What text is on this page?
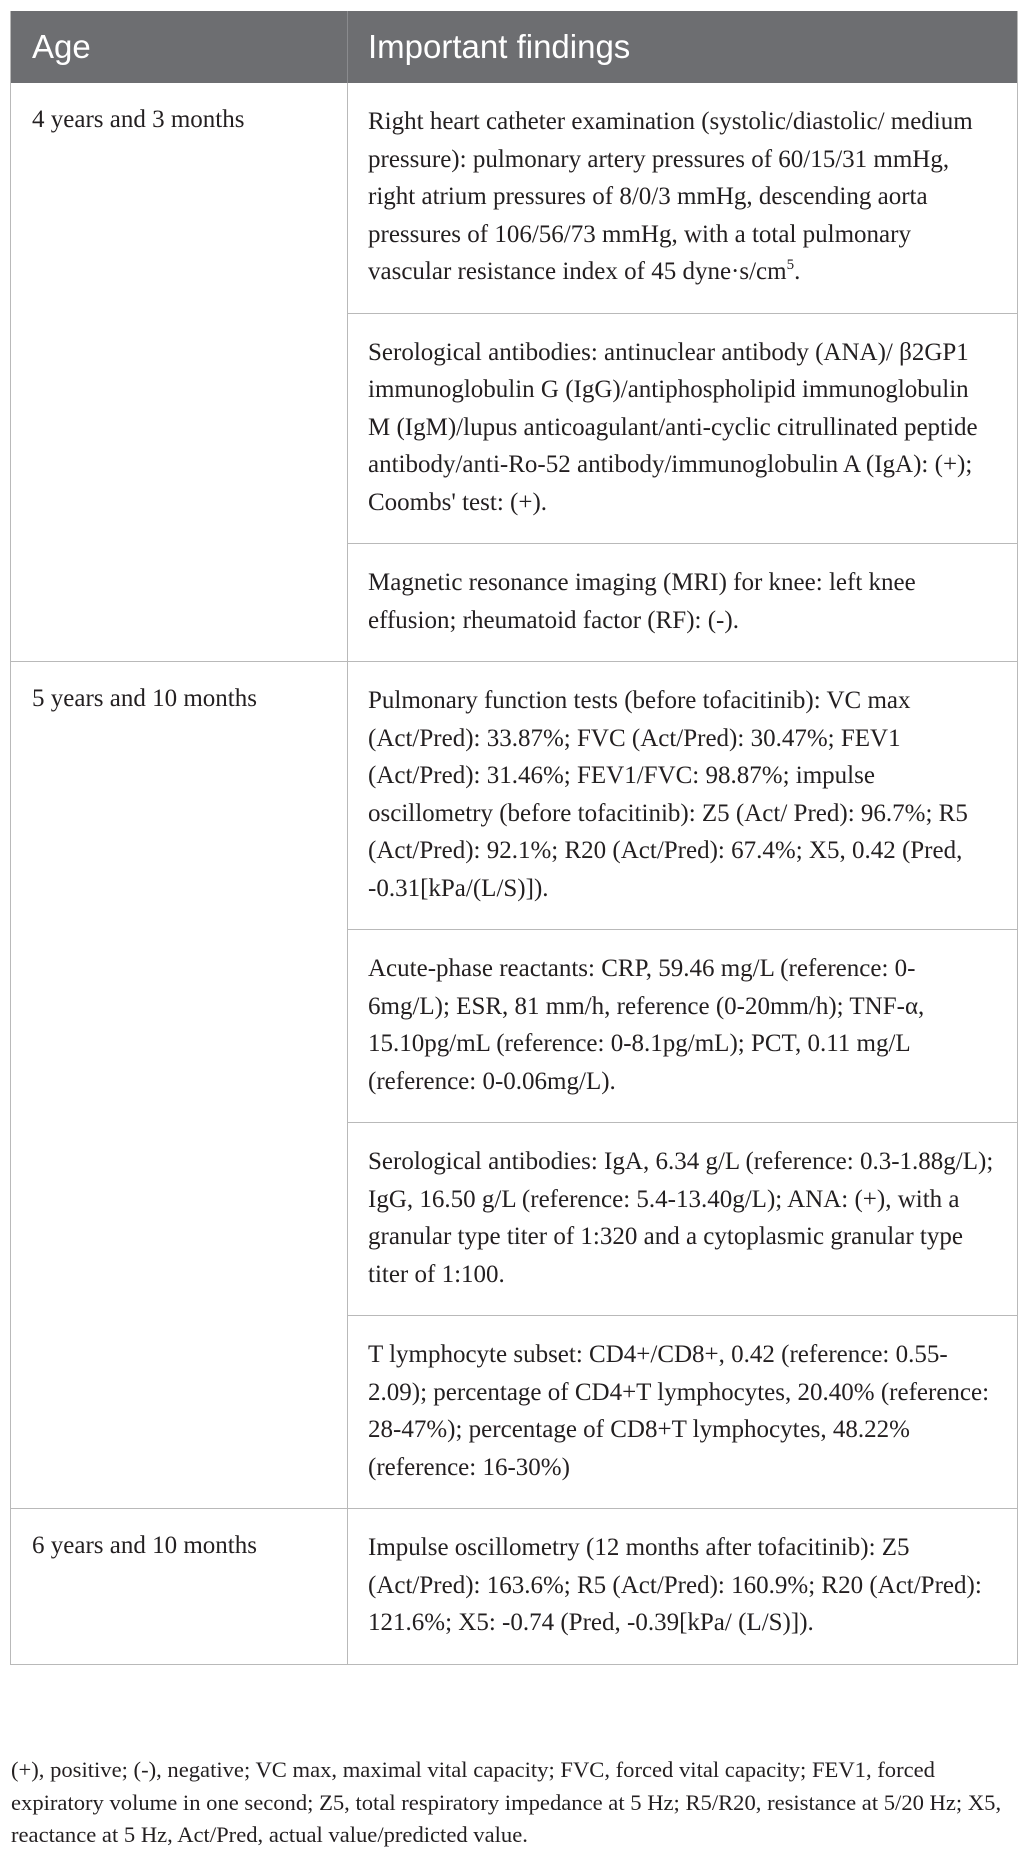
Age	Important findings
4 years and 3 months	Right heart catheter examination (systolic/diastolic/ medium pressure): pulmonary artery pressures of 60/15/31 mmHg, right atrium pressures of 8/0/3 mmHg, descending aorta pressures of 106/56/73 mmHg, with a total pulmonary vascular resistance index of 45 $dyne\cdot s/cm^5$.
	Serological antibodies: antinuclear antibody (ANA)/ β2GP1 immunoglobulin G (IgG)/antiphospholipid immunoglobulin M (IgM)/lupus anticoagulant/anti-cyclic citrullinated peptide antibody/anti-Ro-52 antibody/immunoglobulin A (IgA): (+); Coombs' test: (+).
	Magnetic resonance imaging (MRI) for knee: left knee effusion; rheumatoid factor (RF): (-).
5 years and 10 months	Pulmonary function tests (before tofacitinib): VC max (Act/Pred): 33.87%; FVC (Act/Pred): 30.47%; FEV1 (Act/Pred): 31.46%; FEV1/FVC: 98.87%; impulse oscillometry (before tofacitinib): Z5 (Act/ Pred): 96.7%; R5 (Act/Pred): 92.1%; R20 (Act/Pred): 67.4%; X5, 0.42 (Pred, -0.31[kPa/(L/S)]).
	Acute-phase reactants: CRP, 59.46 mg/L (reference: 0-6mg/L); ESR, 81 mm/h, reference (0-20mm/h); TNF-α, 15.10pg/mL (reference: 0-8.1pg/mL); PCT, 0.11 mg/L (reference: 0-0.06mg/L).
	Serological antibodies: IgA, 6.34 g/L (reference: 0.3-1.88g/L); IgG, 16.50 g/L (reference: 5.4-13.40g/L); ANA: (+), with a granular type titer of 1:320 and a cytoplasmic granular type titer of 1:100.
	T lymphocyte subset: CD4+/CD8+, 0.42 (reference: 0.55-2.09); percentage of CD4+T lymphocytes, 20.40% (reference: 28-47%); percentage of CD8+T lymphocytes, 48.22% (reference: 16-30%)
6 years and 10 months	Impulse oscillometry (12 months after tofacitinib): Z5 (Act/Pred): 163.6%; R5 (Act/Pred): 160.9%; R20 (Act/Pred): 121.6%; X5: -0.74 (Pred, -0.39[kPa/ (L/S)]).
(+), positive; (-), negative; VC max, maximal vital capacity; FVC, forced vital capacity; FEV1, forced expiratory volume in one second; Z5, total respiratory impedance at 5 Hz; R5/R20, resistance at 5/20 Hz; X5, reactance at 5 Hz, Act/Pred, actual value/predicted value.
